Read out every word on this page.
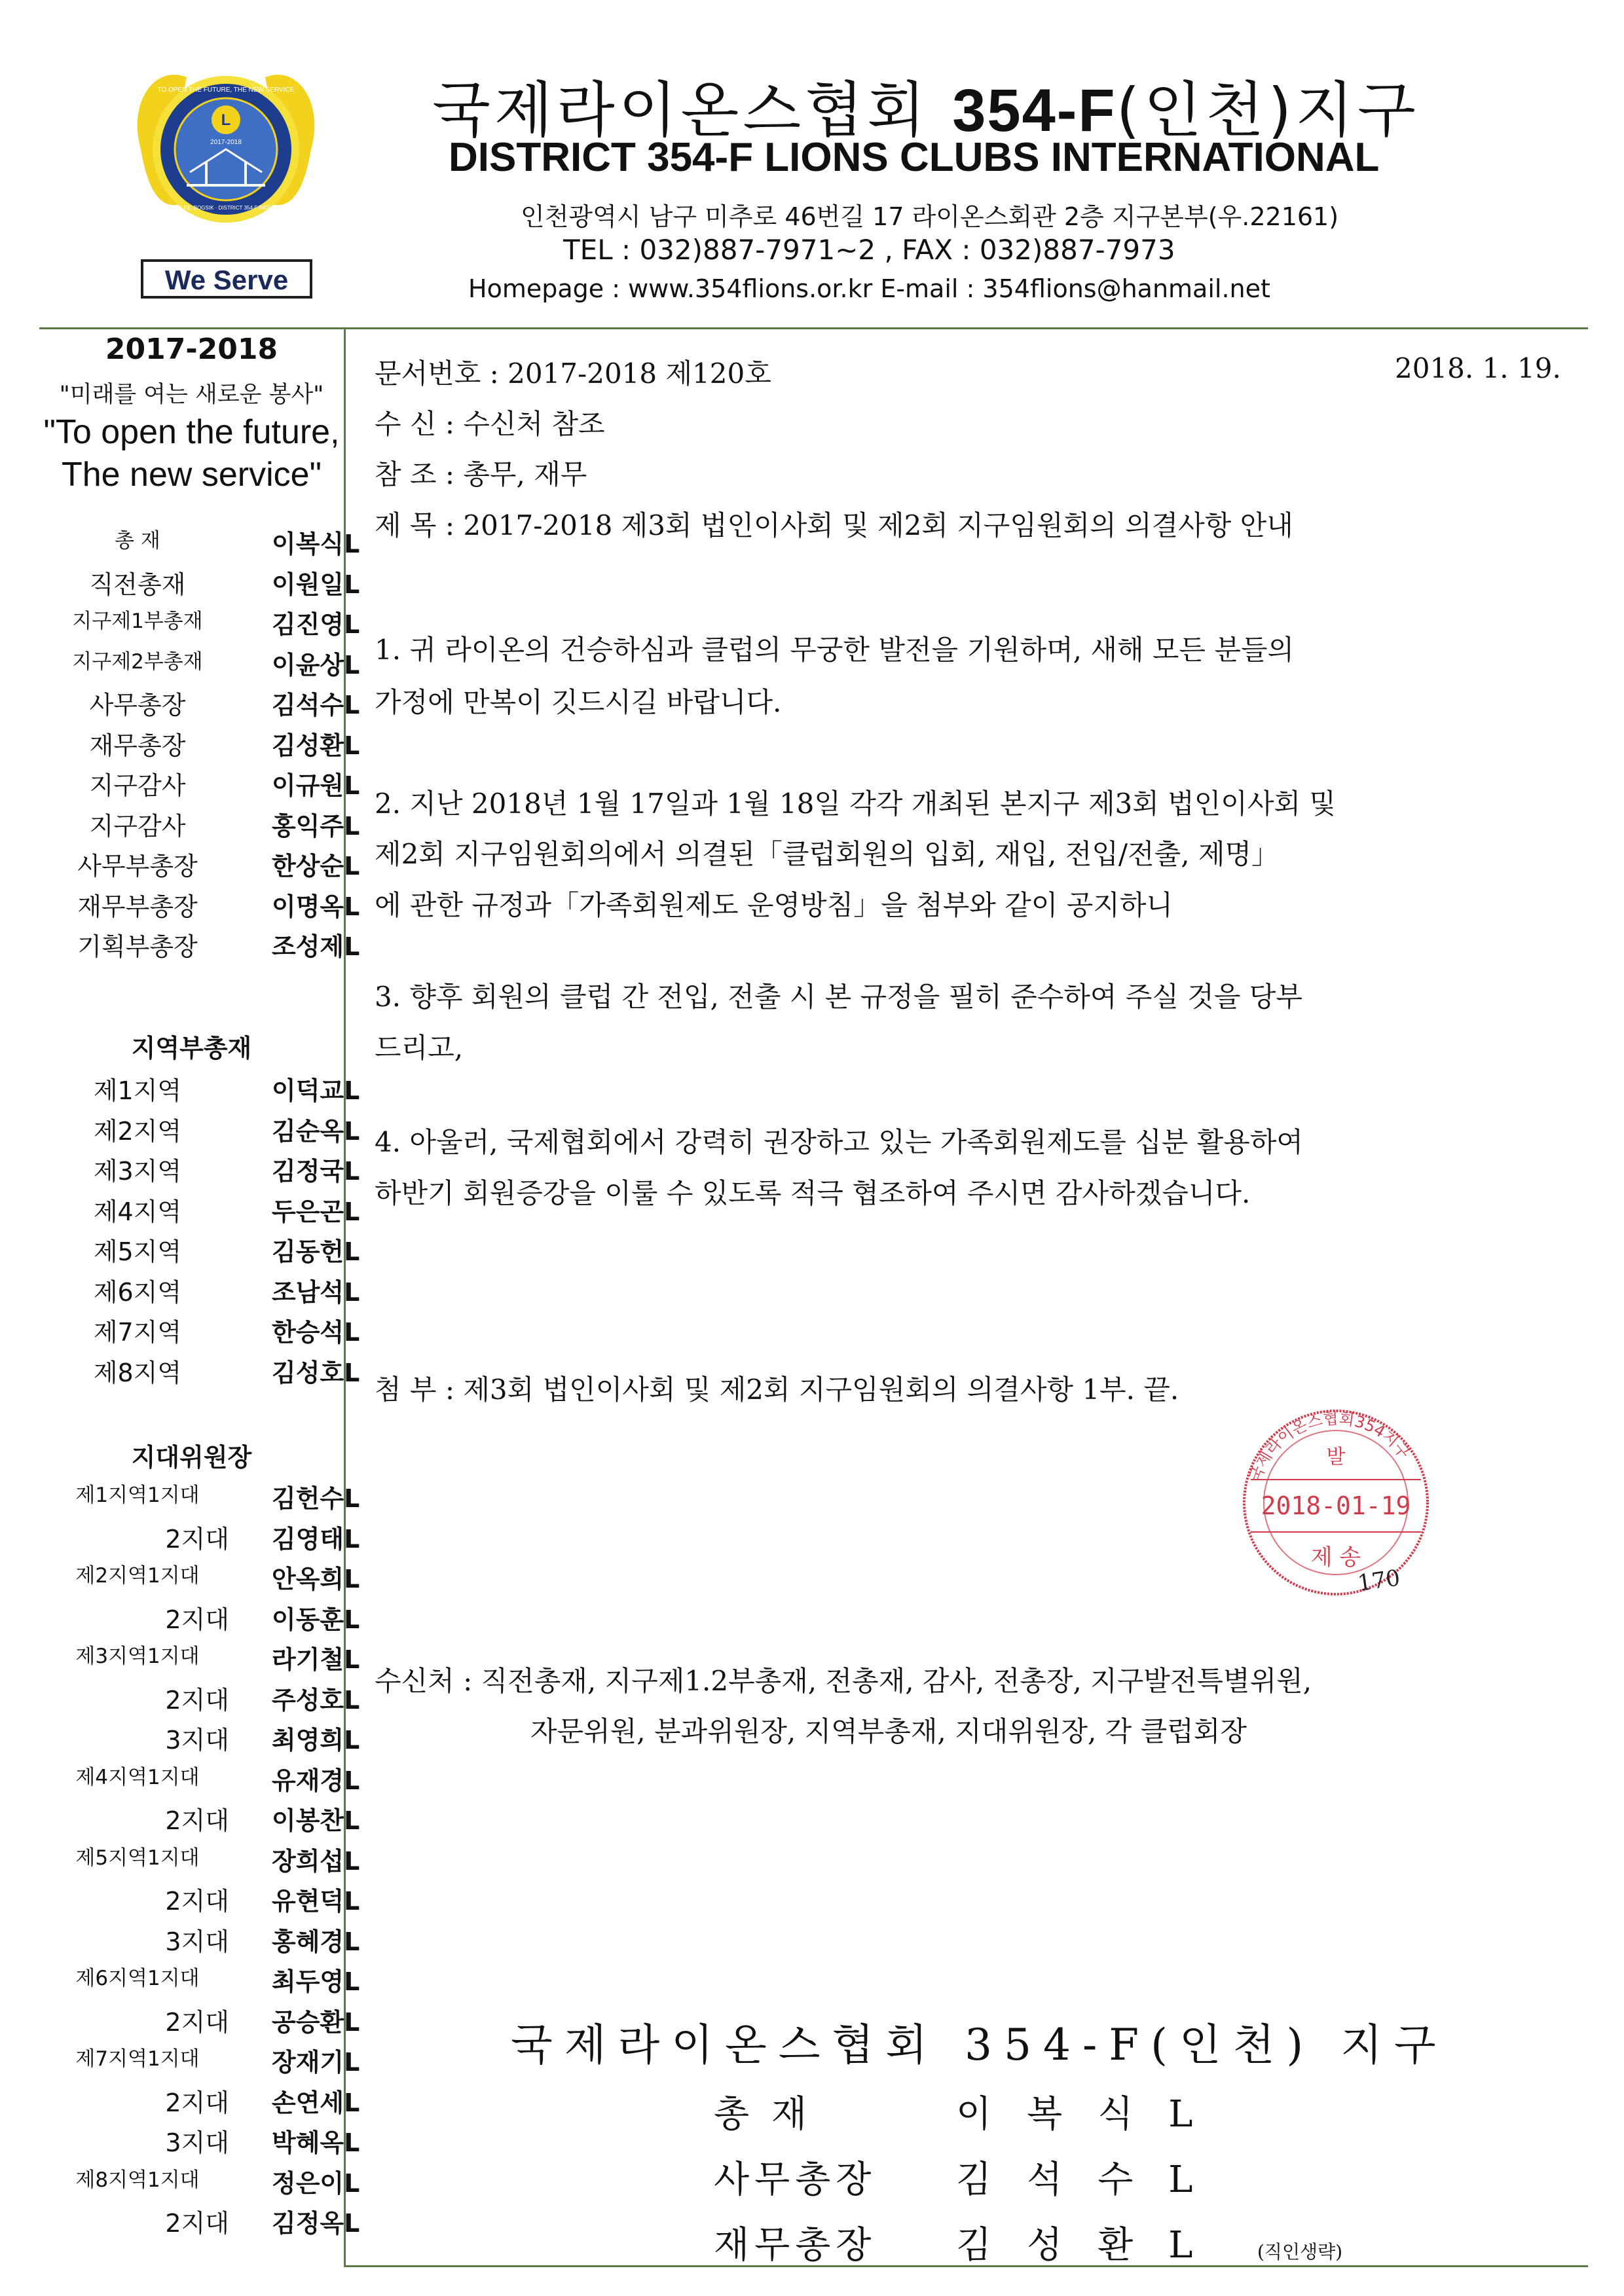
L
2017-2018
TO OPEN THE FUTURE, THE NEW SERVICE
GOVERNOR LEE, BOGSIK · DISTRICT 354-F INCHEON KOREA
We Serve
국제라이온스협회 354-F(인천)지구
DISTRICT 354-F LIONS CLUBS INTERNATIONAL
인천광역시 남구 미추로 46번길 17 라이온스회관 2층 지구본부(우.22161)
TEL : 032)887-7971~2 , FAX : 032)887-7973
Homepage : www.354flions.or.kr E-mail : 354flions@hanmail.net
2017-2018
"미래를 여는 새로운 봉사"
"To open the future,
The new service"
총 재	이복식L
직전총재	이원일L
지구제1부총재	김진영L
지구제2부총재	이윤상L
사무총장	김석수L
재무총장	김성환L
지구감사	이규원L
지구감사	홍익주L
사무부총장	한상순L
재무부총장	이명옥L
기획부총장	조성제L
지역부총재
제1지역	이덕교L
제2지역	김순옥L
제3지역	김정국L
제4지역	두은곤L
제5지역	김동헌L
제6지역	조남석L
제7지역	한승석L
제8지역	김성호L
지대위원장
제1지역1지대	김헌수L
2지대 김영태L
제2지역1지대	안옥희L
2지대 이동훈L
제3지역1지대	라기철L
2지대 주성호L
3지대 최영희L
제4지역1지대	유재경L
2지대 이봉찬L
제5지역1지대	장희섭L
2지대 유현덕L
3지대 홍혜경L
제6지역1지대	최두영L
2지대 공승환L
제7지역1지대	장재기L
2지대 손연세L
3지대 박혜옥L
제8지역1지대	정은이L
2지대 김정옥L
문서번호 : 2017-2018 제120호	2018. 1. 19.
수 신 : 수신처 참조
참 조 : 총무, 재무
제 목 : 2017-2018 제3회 법인이사회 및 제2회 지구임원회의 의결사항 안내
1. 귀 라이온의 건승하심과 클럽의 무궁한 발전을 기원하며, 새해 모든 분들의
가정에 만복이 깃드시길 바랍니다.
2. 지난 2018년 1월 17일과 1월 18일 각각 개최된 본지구 제3회 법인이사회 및
제2회 지구임원회의에서 의결된「클럽회원의 입회, 재입, 전입/전출, 제명」
에 관한 규정과「가족회원제도 운영방침」을 첨부와 같이 공지하니
3. 향후 회원의 클럽 간 전입, 전출 시 본 규정을 필히 준수하여 주실 것을 당부
드리고,
4. 아울러, 국제협회에서 강력히 권장하고 있는 가족회원제도를 십분 활용하여
하반기 회원증강을 이룰 수 있도록 적극 협조하여 주시면 감사하겠습니다.
첨 부 : 제3회 법인이사회 및 제2회 지구임원회의 의결사항 1부. 끝.
국제라이온스협회354지구
발
2018-01-19
제 송
170
수신처 : 직전총재, 지구제1.2부총재, 전총재, 감사, 전총장, 지구발전특별위원,
자문위원, 분과위원장, 지역부총재, 지대위원장, 각 클럽회장
국제라이온스협회 354-F(인천) 지구
총 재	이복식L
사무총장 김석수L
재무총장 김성환L (직인생략)
